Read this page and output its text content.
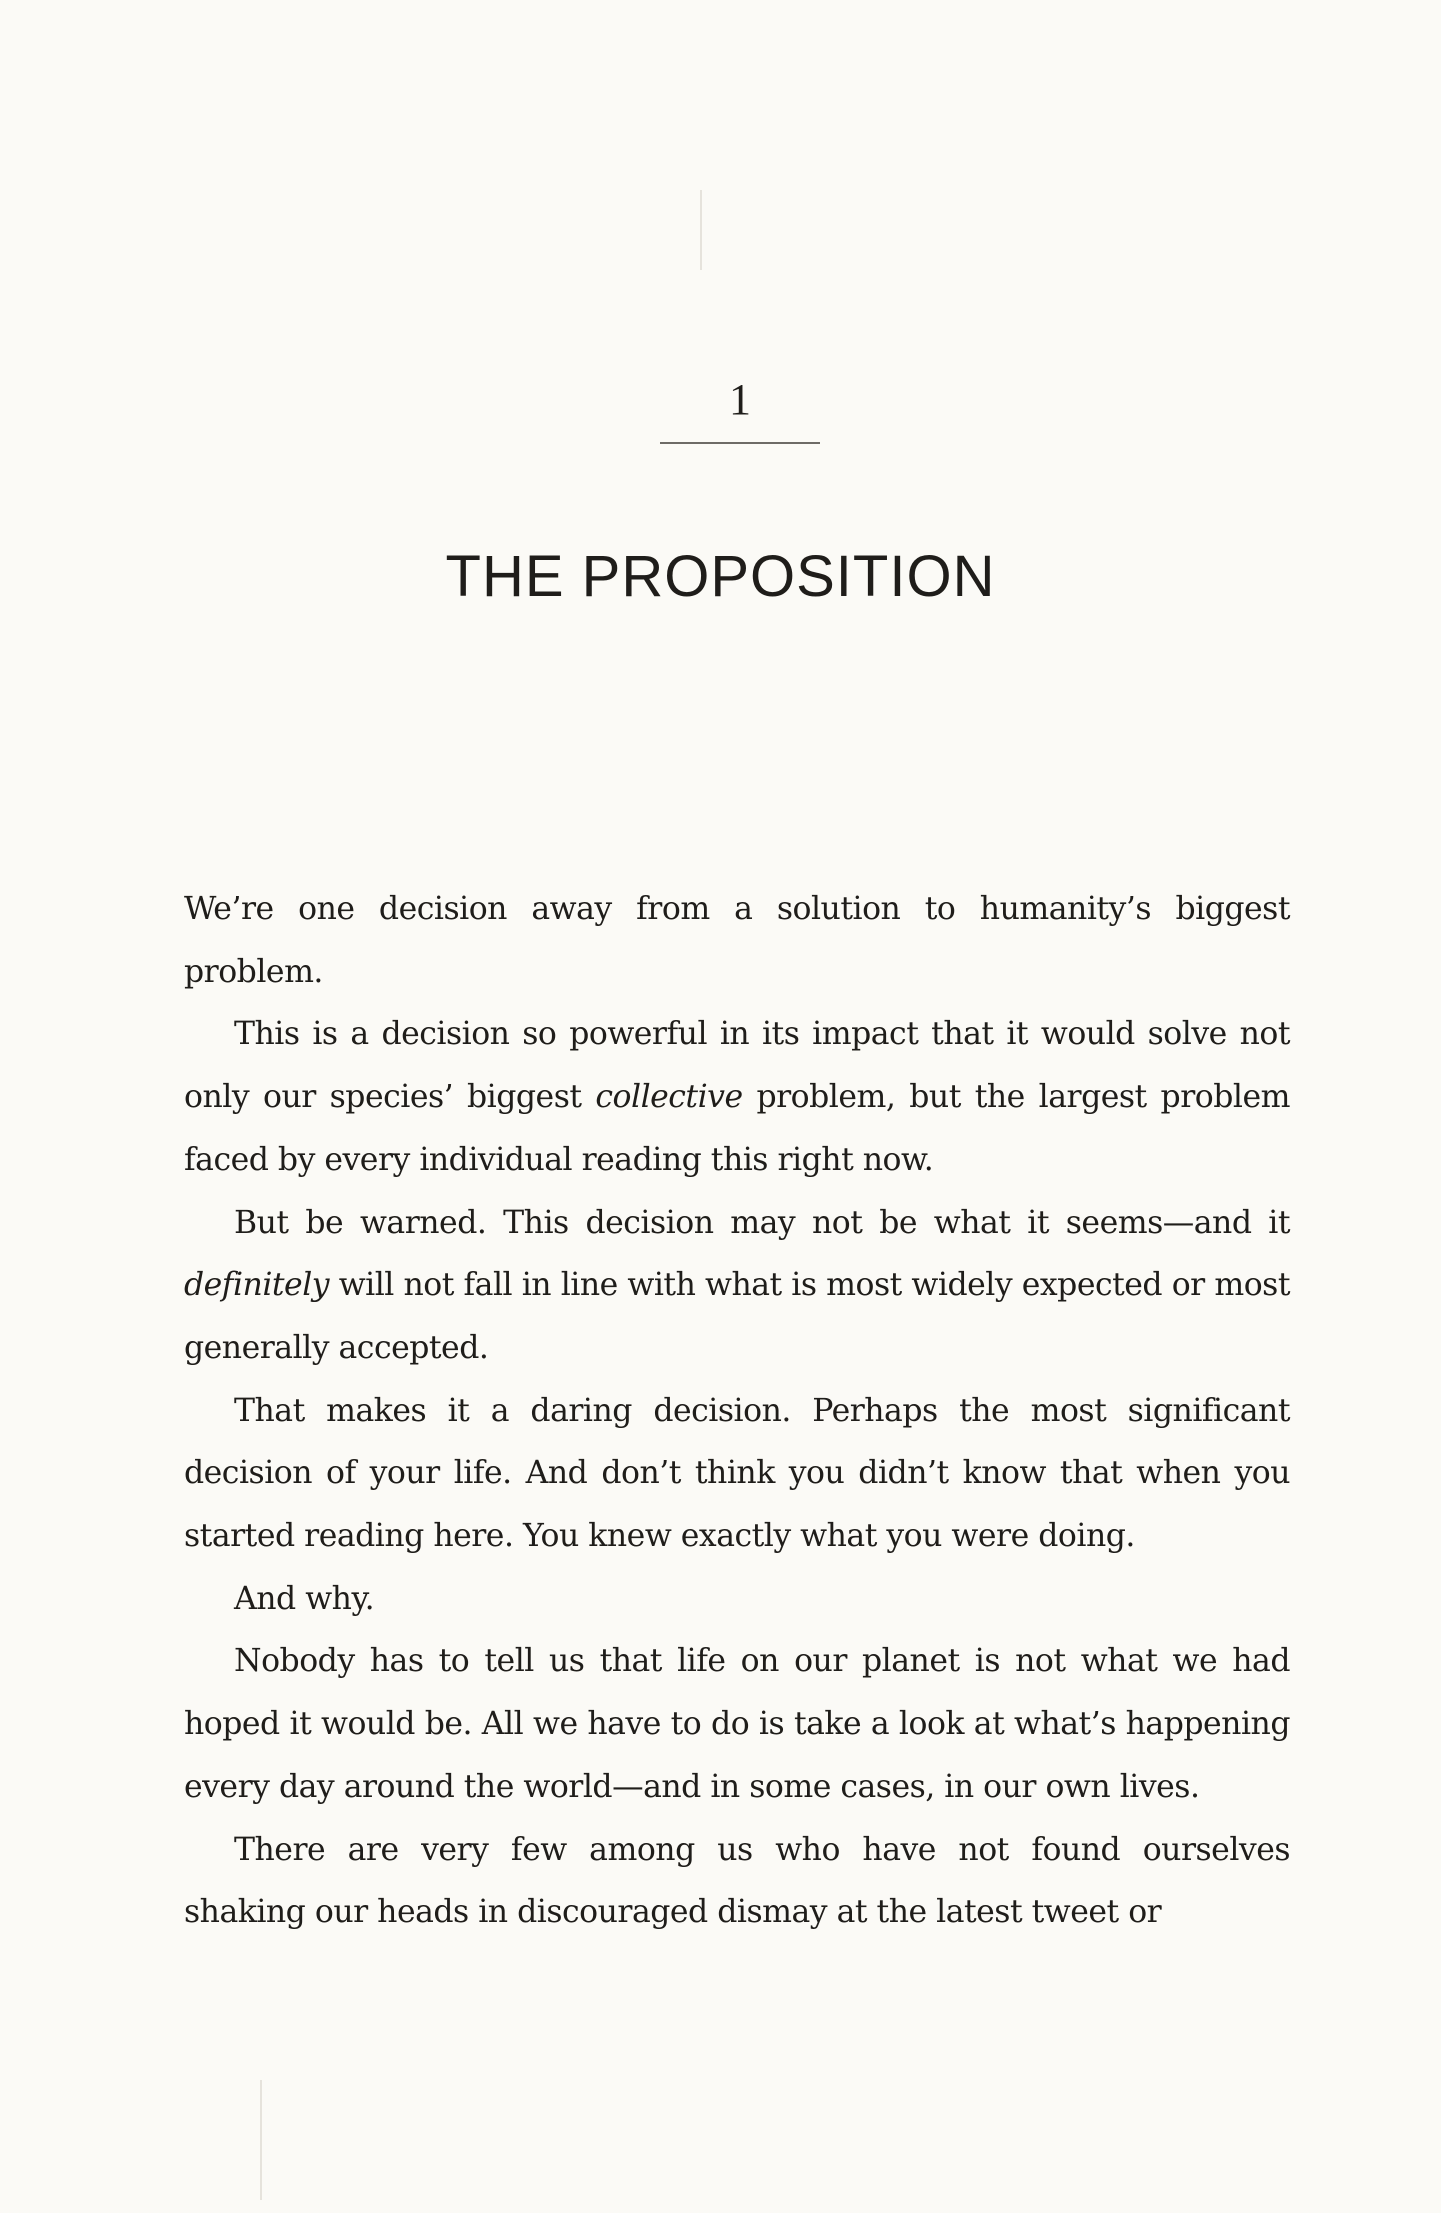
1
THE PROPOSITION

We’re one decision away from a solution to humanity’s biggest problem.

This is a decision so powerful in its impact that it would solve not only our species’ biggest collective problem, but the largest problem faced by every individual reading this right now.

But be warned. This decision may not be what it seems—and it definitely will not fall in line with what is most widely expected or most generally accepted.

That makes it a daring decision. Perhaps the most significant decision of your life. And don’t think you didn’t know that when you started reading here. You knew exactly what you were doing.

And why.

Nobody has to tell us that life on our planet is not what we had hoped it would be. All we have to do is take a look at what’s happening every day around the world—and in some cases, in our own lives.

There are very few among us who have not found ourselves shaking our heads in discouraged dismay at the latest tweet or
